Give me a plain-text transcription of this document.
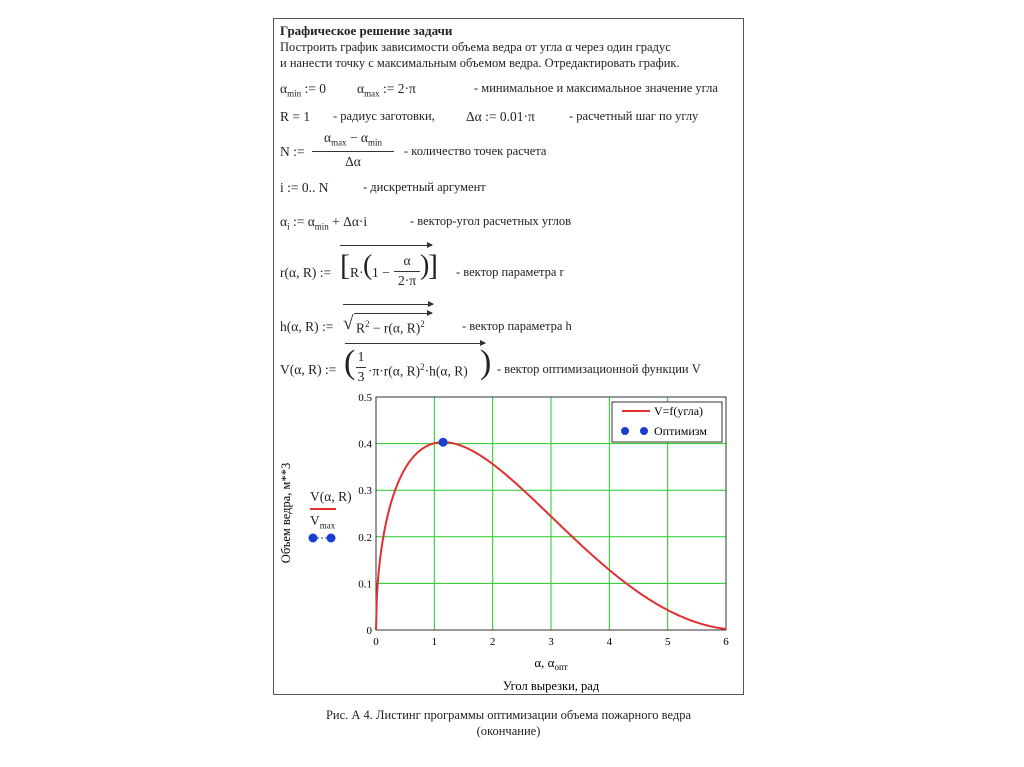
Графическое решение задачи
Построить график зависимости объема ведра от угла α через один градус
и нанести точку с максимальным объемом ведра. Отредактировать график.
$\alpha_{min}$ := 0 $\alpha_{max}$ := 2·π	- минимальное и максимальное значение угла
R = 1 - радиус заготовки, Δα := 0.01·π	- расчетный шаг по углу
N :=
$\alpha_{max} - \alpha_{min}$
Δα
- количество точек расчета
i := 0.. N	- дискретный аргумент
$\alpha_i$ := $\alpha_{min} + \Delta\alpha\cdot i$	- вектор-угол расчетных углов
r(α, R) := [ R· ( 1 −
α
2·π )
] - вектор параметра r
h(α, R) := √ $R^2 - r(\alpha$, R)$^2$	- вектор параметра h
V(α, R) := ( 1
3 ·π·r(α, R)$^2$·h(α, R) ) - вектор оптимизационной функции V
V(α, R)
$V_{max}$
0	1	2	3	4	5	6
0
0.1
0.2
0.3
0.4
0.5
Объем ведра, м**3
α, $\alpha_{опт}$
Угол вырезки, рад
V=f(угла)
Оптимизм
Рис. А 4. Листинг программы оптимизации объема пожарного ведра
(окончание)
